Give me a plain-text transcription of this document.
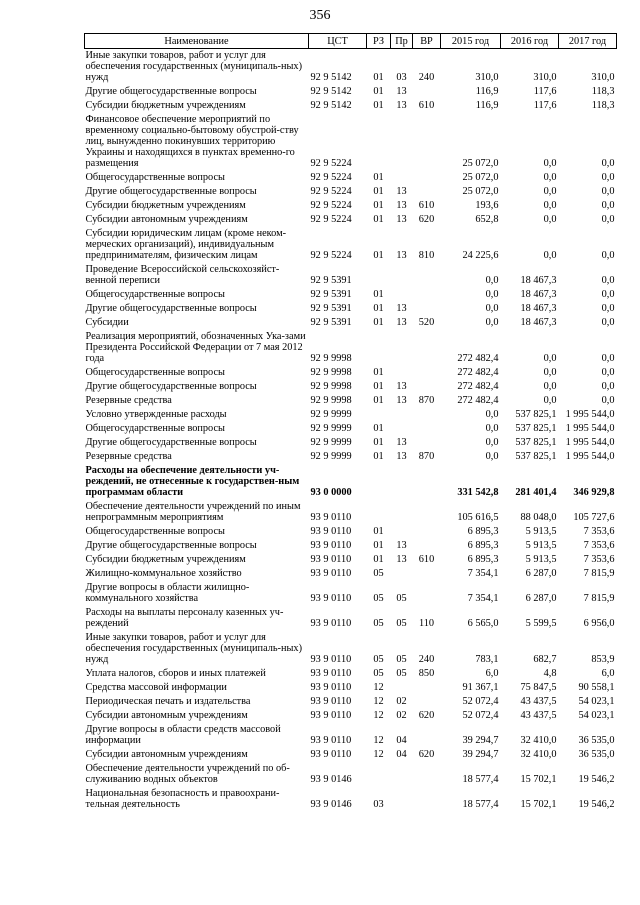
356
Наименование	ЦСТ	РЗ	Пр	ВР	2015 год	2016 год	2017 год
Иные закупки товаров, работ и услуг для обеспечения государственных (муниципаль-ных) нужд	92 9 5142	01	03	240	310,0	310,0	310,0
Другие общегосударственные вопросы	92 9 5142	01	13		116,9	117,6	118,3
Субсидии бюджетным учреждениям	92 9 5142	01	13	610	116,9	117,6	118,3
Финансовое обеспечение мероприятий по временному социально-бытовому обустрой-ству лиц, вынужденно покинувших территорию Украины и находящихся в пунктах временно-го размещения	92 9 5224				25 072,0	0,0	0,0
Общегосударственные вопросы	92 9 5224	01			25 072,0	0,0	0,0
Другие общегосударственные вопросы	92 9 5224	01	13		25 072,0	0,0	0,0
Субсидии бюджетным учреждениям	92 9 5224	01	13	610	193,6	0,0	0,0
Субсидии автономным учреждениям	92 9 5224	01	13	620	652,8	0,0	0,0
Субсидии юридическим лицам (кроме неком-мерческих организаций), индивидуальным предпринимателям, физическим лицам	92 9 5224	01	13	810	24 225,6	0,0	0,0
Проведение Всероссийской сельскохозяйст-венной переписи	92 9 5391				0,0	18 467,3	0,0
Общегосударственные вопросы	92 9 5391	01			0,0	18 467,3	0,0
Другие общегосударственные вопросы	92 9 5391	01	13		0,0	18 467,3	0,0
Субсидии	92 9 5391	01	13	520	0,0	18 467,3	0,0
Реализация мероприятий, обозначенных Ука-зами Президента Российской Федерации от 7 мая 2012 года	92 9 9998				272 482,4	0,0	0,0
Общегосударственные вопросы	92 9 9998	01			272 482,4	0,0	0,0
Другие общегосударственные вопросы	92 9 9998	01	13		272 482,4	0,0	0,0
Резервные средства	92 9 9998	01	13	870	272 482,4	0,0	0,0
Условно утвержденные расходы	92 9 9999				0,0	537 825,1	1 995 544,0
Общегосударственные вопросы	92 9 9999	01			0,0	537 825,1	1 995 544,0
Другие общегосударственные вопросы	92 9 9999	01	13		0,0	537 825,1	1 995 544,0
Резервные средства	92 9 9999	01	13	870	0,0	537 825,1	1 995 544,0
Расходы на обеспечение деятельности уч-реждений, не отнесенные к государствен-ным программам области	93 0 0000				331 542,8	281 401,4	346 929,8
Обеспечение деятельности учреждений по иным непрограммным мероприятиям	93 9 0110				105 616,5	88 048,0	105 727,6
Общегосударственные вопросы	93 9 0110	01			6 895,3	5 913,5	7 353,6
Другие общегосударственные вопросы	93 9 0110	01	13		6 895,3	5 913,5	7 353,6
Субсидии бюджетным учреждениям	93 9 0110	01	13	610	6 895,3	5 913,5	7 353,6
Жилищно-коммунальное хозяйство	93 9 0110	05			7 354,1	6 287,0	7 815,9
Другие вопросы в области жилищно-коммунального хозяйства	93 9 0110	05	05		7 354,1	6 287,0	7 815,9
Расходы на выплаты персоналу казенных уч-реждений	93 9 0110	05	05	110	6 565,0	5 599,5	6 956,0
Иные закупки товаров, работ и услуг для обеспечения государственных (муниципаль-ных) нужд	93 9 0110	05	05	240	783,1	682,7	853,9
Уплата налогов, сборов и иных платежей	93 9 0110	05	05	850	6,0	4,8	6,0
Средства массовой информации	93 9 0110	12			91 367,1	75 847,5	90 558,1
Периодическая печать и издательства	93 9 0110	12	02		52 072,4	43 437,5	54 023,1
Субсидии автономным учреждениям	93 9 0110	12	02	620	52 072,4	43 437,5	54 023,1
Другие вопросы в области средств массовой информации	93 9 0110	12	04		39 294,7	32 410,0	36 535,0
Субсидии автономным учреждениям	93 9 0110	12	04	620	39 294,7	32 410,0	36 535,0
Обеспечение деятельности учреждений по об-служиванию водных объектов	93 9 0146				18 577,4	15 702,1	19 546,2
Национальная безопасность и правоохрани-тельная деятельность	93 9 0146	03			18 577,4	15 702,1	19 546,2
